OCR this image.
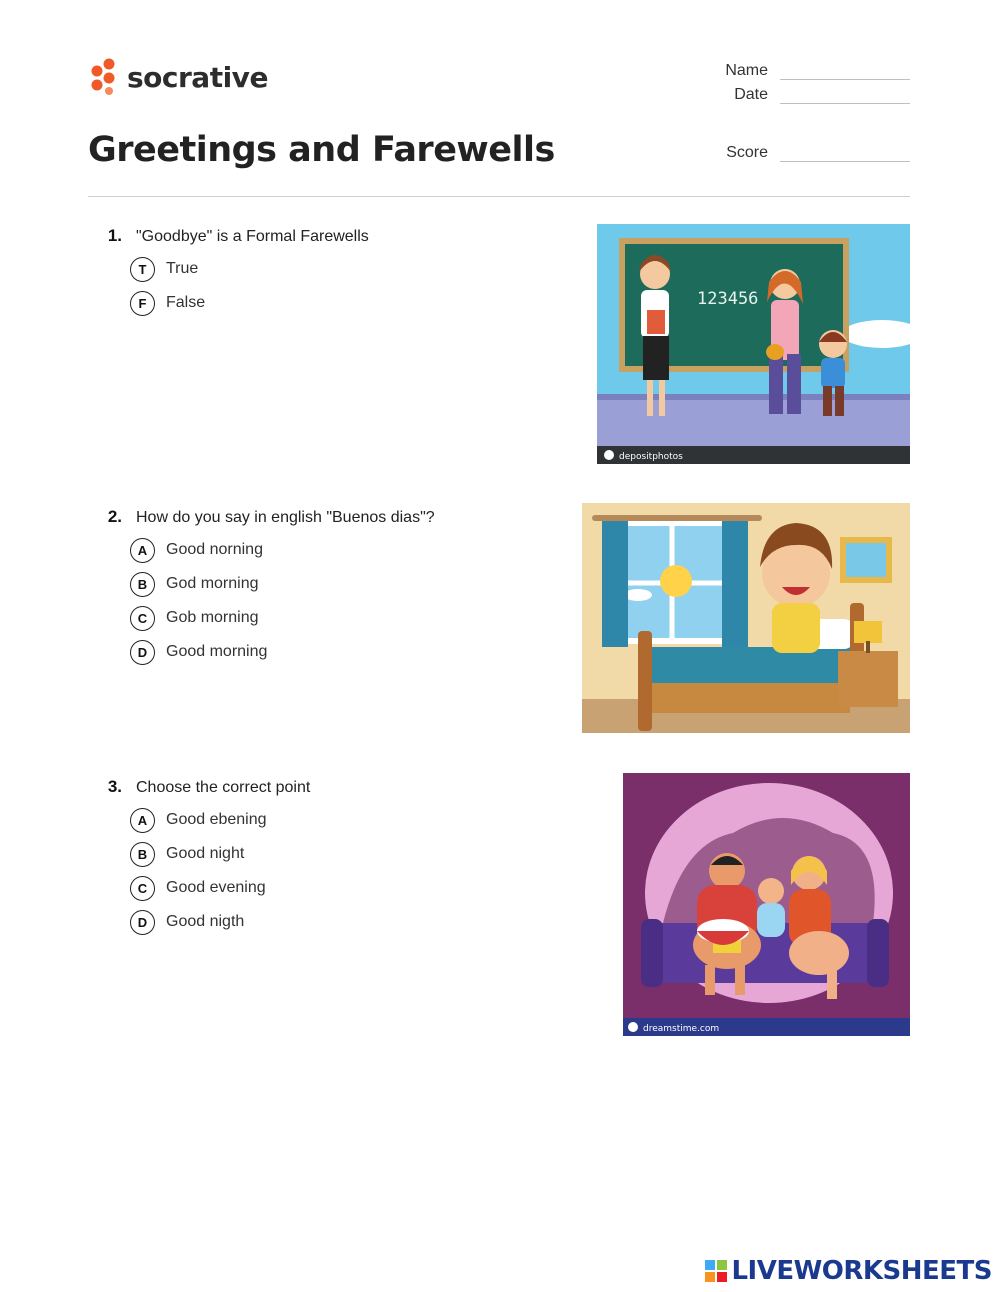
socrative	Name
Date
Score
Greetings and Farewells
1. "Goodbye" is a Formal Farewells
T	True
F	False	123456
depositphotos
2. How do you say in english "Buenos dias"?
A	Good norning
B	God morning
C	Gob morning
D	Good morning
3. Choose the correct point
A	Good ebening
B	Good night
C	Good evening
D	Good nigth
dreamstime.com
LIVEWORKSHEETS
